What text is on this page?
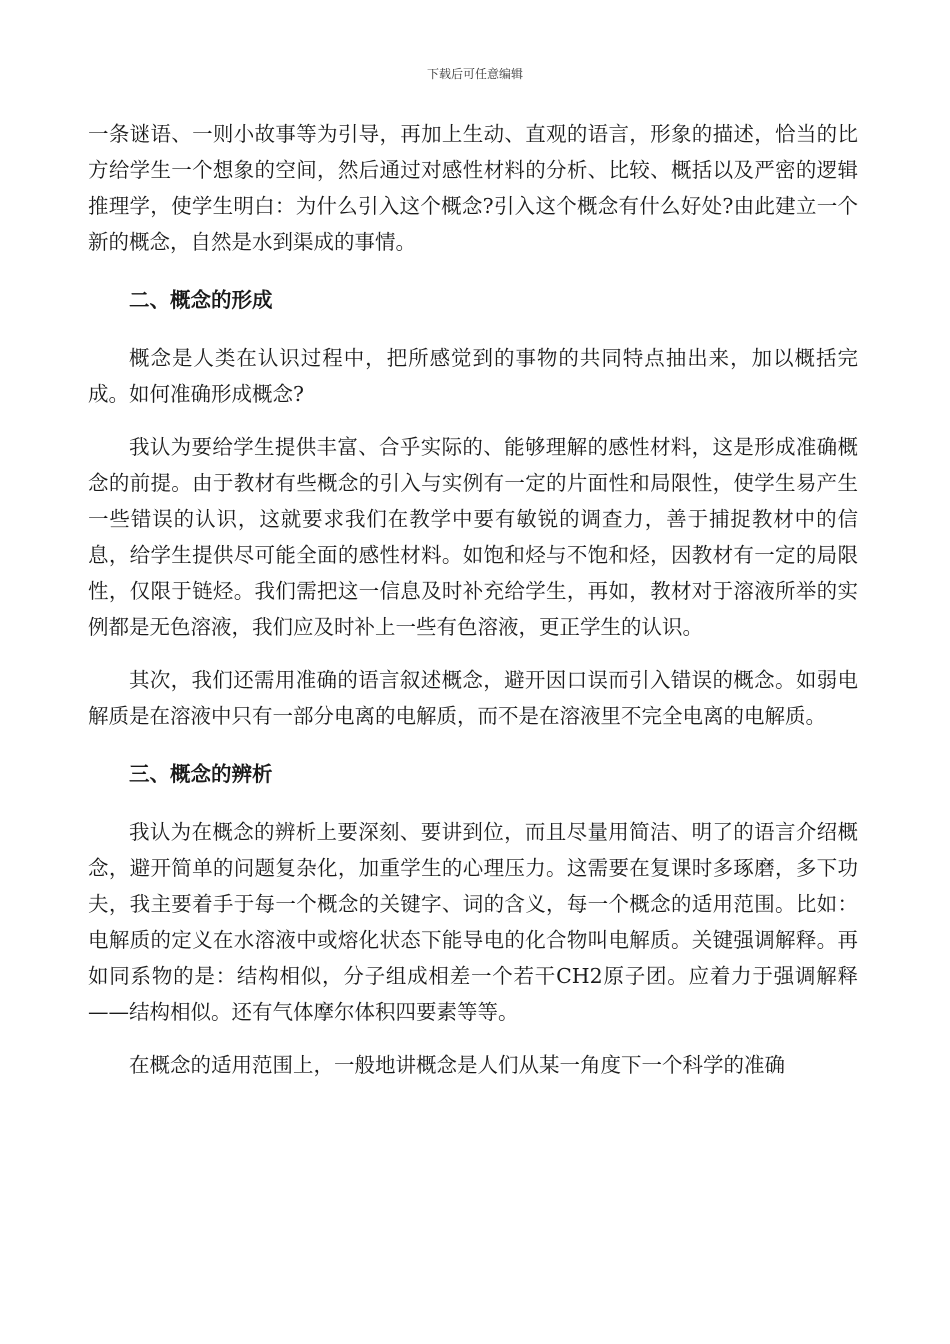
下载后可任意编辑

一条谜语、一则小故事等为引导，再加上生动、直观的语言，形象的描述，恰当的比方给学生一个想象的空间，然后通过对感性材料的分析、比较、概括以及严密的逻辑推理学，使学生明白：为什么引入这个概念?引入这个概念有什么好处?由此建立一个新的概念，自然是水到渠成的事情。

二、概念的形成

概念是人类在认识过程中，把所感觉到的事物的共同特点抽出来，加以概括完成。如何准确形成概念?

我认为要给学生提供丰富、合乎实际的、能够理解的感性材料，这是形成准确概念的前提。由于教材有些概念的引入与实例有一定的片面性和局限性，使学生易产生一些错误的认识，这就要求我们在教学中要有敏锐的调查力，善于捕捉教材中的信息，给学生提供尽可能全面的感性材料。如饱和烃与不饱和烃，因教材有一定的局限性，仅限于链烃。我们需把这一信息及时补充给学生，再如，教材对于溶液所举的实例都是无色溶液，我们应及时补上一些有色溶液，更正学生的认识。

其次，我们还需用准确的语言叙述概念，避开因口误而引入错误的概念。如弱电解质是在溶液中只有一部分电离的电解质，而不是在溶液里不完全电离的电解质。

三、概念的辨析

我认为在概念的辨析上要深刻、要讲到位，而且尽量用简洁、明了的语言介绍概念，避开简单的问题复杂化，加重学生的心理压力。这需要在复课时多琢磨，多下功夫，我主要着手于每一个概念的关键字、词的含义，每一个概念的适用范围。比如：电解质的定义在水溶液中或熔化状态下能导电的化合物叫电解质。关键强调解释。再如同系物的是：结构相似，分子组成相差一个若干CH2原子团。应着力于强调解释——结构相似。还有气体摩尔体积四要素等等。

在概念的适用范围上，一般地讲概念是人们从某一角度下一个科学的准确
